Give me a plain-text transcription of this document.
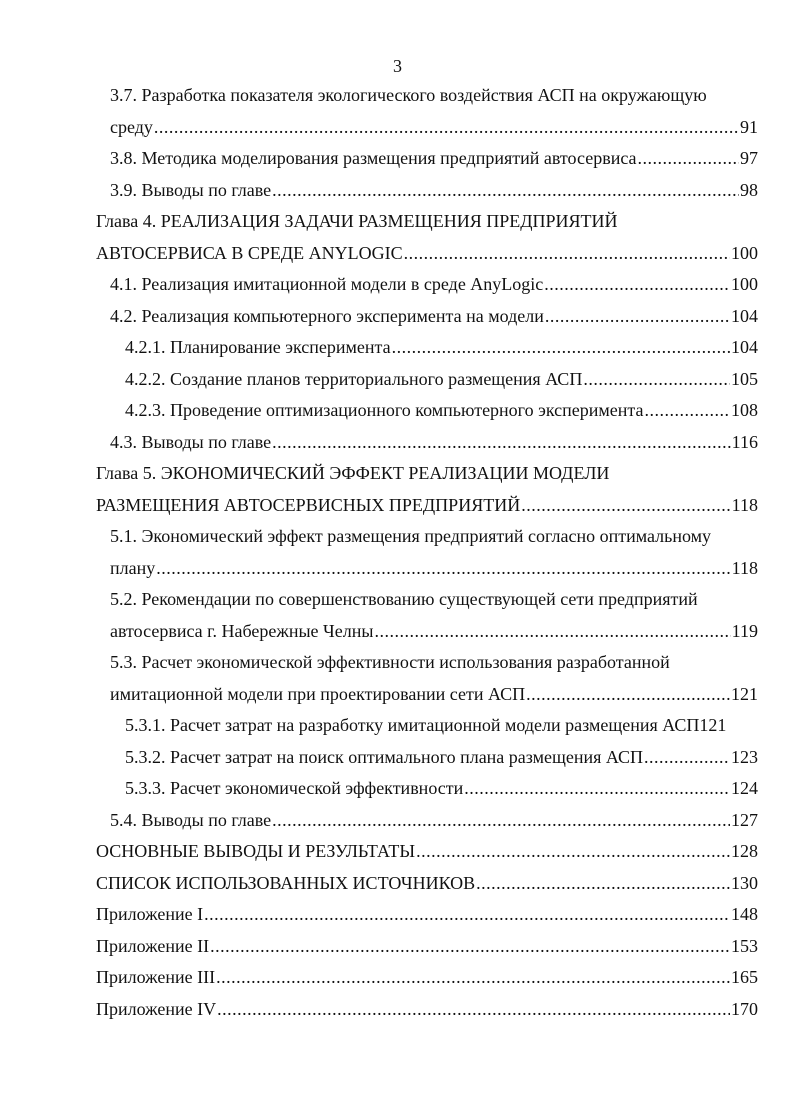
3
3.7. Разработка показателя экологического воздействия АСП на окружающую
среду .....	91
3.8. Методика моделирования размещения предприятий автосервиса .....	97
3.9. Выводы по главе .....	98
Глава 4. РЕАЛИЗАЦИЯ ЗАДАЧИ РАЗМЕЩЕНИЯ ПРЕДПРИЯТИЙ
АВТОСЕРВИСА В СРЕДЕ ANYLOGIC .....	100
4.1. Реализация имитационной модели в среде AnyLogic .....	100
4.2. Реализация компьютерного эксперимента на модели .....	104
4.2.1. Планирование эксперимента .....	104
4.2.2. Создание планов территориального размещения АСП .....	105
4.2.3. Проведение оптимизационного компьютерного эксперимента .....	108
4.3. Выводы по главе .....	116
Глава 5. ЭКОНОМИЧЕСКИЙ ЭФФЕКТ РЕАЛИЗАЦИИ МОДЕЛИ
РАЗМЕЩЕНИЯ АВТОСЕРВИСНЫХ ПРЕДПРИЯТИЙ .....	118
5.1. Экономический эффект размещения предприятий согласно оптимальному
плану .....	118
5.2. Рекомендации по совершенствованию существующей сети предприятий
автосервиса г. Набережные Челны .....	119
5.3. Расчет экономической эффективности использования разработанной
имитационной модели при проектировании сети АСП .....	121
5.3.1. Расчет затрат на разработку имитационной модели размещения АСП 121
5.3.2. Расчет затрат на поиск оптимального плана размещения АСП .....	123
5.3.3. Расчет экономической эффективности .....	124
5.4. Выводы по главе .....	127
ОСНОВНЫЕ ВЫВОДЫ И РЕЗУЛЬТАТЫ .....	128
СПИСОК ИСПОЛЬЗОВАННЫХ ИСТОЧНИКОВ .....	130
Приложение I .....	148
Приложение II .....	153
Приложение III .....	165
Приложение IV .....	170
